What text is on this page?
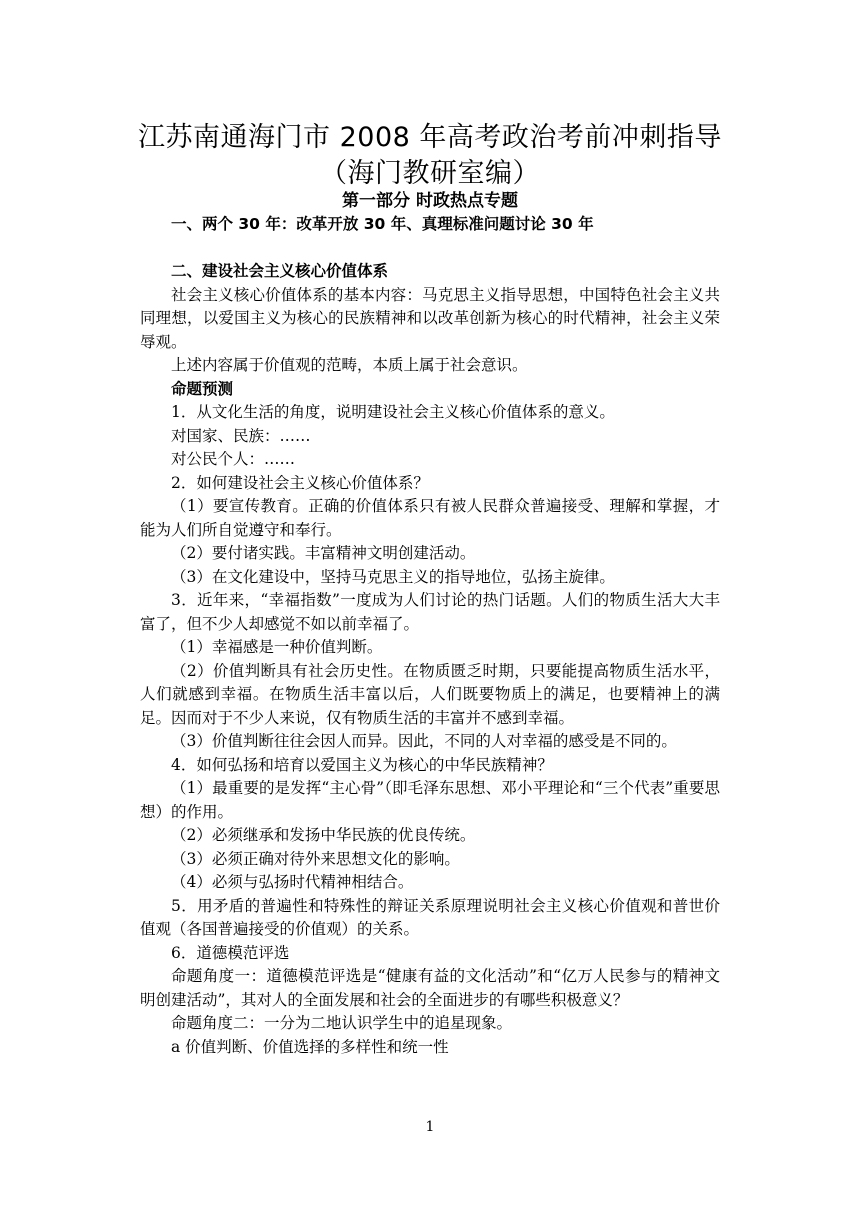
江苏南通海门市 2008 年高考政治考前冲刺指导
（海门教研室编）
第一部分 时政热点专题

一、两个 30 年：改革开放 30 年、真理标准问题讨论 30 年

二、建设社会主义核心价值体系

社会主义核心价值体系的基本内容：马克思主义指导思想，中国特色社会主义共同理想，以爱国主义为核心的民族精神和以改革创新为核心的时代精神，社会主义荣辱观。

上述内容属于价值观的范畴，本质上属于社会意识。

命题预测

1．从文化生活的角度，说明建设社会主义核心价值体系的意义。

对国家、民族：……

对公民个人：……

2．如何建设社会主义核心价值体系？

（1）要宣传教育。正确的价值体系只有被人民群众普遍接受、理解和掌握，才能为人们所自觉遵守和奉行。

（2）要付诸实践。丰富精神文明创建活动。

（3）在文化建设中，坚持马克思主义的指导地位，弘扬主旋律。

3．近年来，“幸福指数”一度成为人们讨论的热门话题。人们的物质生活大大丰富了，但不少人却感觉不如以前幸福了。

（1）幸福感是一种价值判断。

（2）价值判断具有社会历史性。在物质匮乏时期，只要能提高物质生活水平，人们就感到幸福。在物质生活丰富以后，人们既要物质上的满足，也要精神上的满足。因而对于不少人来说，仅有物质生活的丰富并不感到幸福。

（3）价值判断往往会因人而异。因此，不同的人对幸福的感受是不同的。

4．如何弘扬和培育以爱国主义为核心的中华民族精神？

（1）最重要的是发挥“主心骨”（即毛泽东思想、邓小平理论和“三个代表”重要思想）的作用。

（2）必须继承和发扬中华民族的优良传统。

（3）必须正确对待外来思想文化的影响。

（4）必须与弘扬时代精神相结合。

5．用矛盾的普遍性和特殊性的辩证关系原理说明社会主义核心价值观和普世价值观（各国普遍接受的价值观）的关系。

6．道德模范评选

命题角度一：道德模范评选是“健康有益的文化活动”和“亿万人民参与的精神文明创建活动”，其对人的全面发展和社会的全面进步的有哪些积极意义？

命题角度二：一分为二地认识学生中的追星现象。

a 价值判断、价值选择的多样性和统一性

1
